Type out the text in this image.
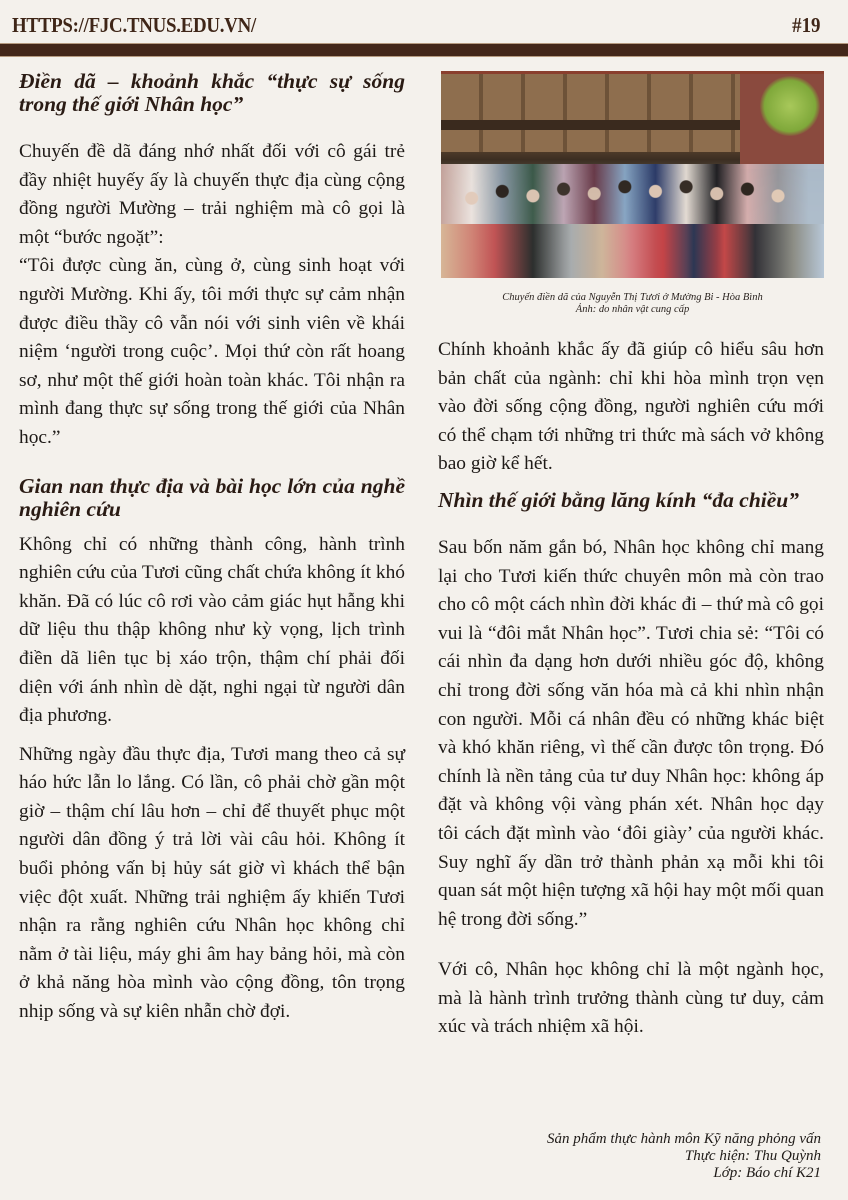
HTTPS://FJC.TNUS.EDU.VN/	#19
Điền dã – khoảnh khắc “thực sự sống trong thế giới Nhân học”

Chuyến đề dã đáng nhớ nhất đối với cô gái trẻ đầy nhiệt huyếy ấy là chuyến thực địa cùng cộng đồng người Mường – trải nghiệm mà cô gọi là một “bước ngoặt”:

“Tôi được cùng ăn, cùng ở, cùng sinh hoạt với người Mường. Khi ấy, tôi mới thực sự cảm nhận được điều thầy cô vẫn nói với sinh viên về khái niệm ‘người trong cuộc’. Mọi thứ còn rất hoang sơ, như một thế giới hoàn toàn khác. Tôi nhận ra mình đang thực sự sống trong thế giới của Nhân học.”

Gian nan thực địa và bài học lớn của nghề nghiên cứu

Không chỉ có những thành công, hành trình nghiên cứu của Tươi cũng chất chứa không ít khó khăn. Đã có lúc cô rơi vào cảm giác hụt hẫng khi dữ liệu thu thập không như kỳ vọng, lịch trình điền dã liên tục bị xáo trộn, thậm chí phải đối diện với ánh nhìn dè dặt, nghi ngại từ người dân địa phương.

Những ngày đầu thực địa, Tươi mang theo cả sự háo hức lẫn lo lắng. Có lần, cô phải chờ gần một giờ – thậm chí lâu hơn – chỉ để thuyết phục một người dân đồng ý trả lời vài câu hỏi. Không ít buổi phỏng vấn bị hủy sát giờ vì khách thể bận việc đột xuất. Những trải nghiệm ấy khiến Tươi nhận ra rằng nghiên cứu Nhân học không chỉ nằm ở tài liệu, máy ghi âm hay bảng hỏi, mà còn ở khả năng hòa mình vào cộng đồng, tôn trọng nhịp sống và sự kiên nhẫn chờ đợi.

Chuyến điền dã của Nguyễn Thị Tươi ở Mường Bi - Hòa Bình
Ảnh: do nhân vật cung cấp

Chính khoảnh khắc ấy đã giúp cô hiểu sâu hơn bản chất của ngành: chỉ khi hòa mình trọn vẹn vào đời sống cộng đồng, người nghiên cứu mới có thể chạm tới những tri thức mà sách vở không bao giờ kể hết.

Nhìn thế giới bằng lăng kính “đa chiều”

Sau bốn năm gắn bó, Nhân học không chỉ mang lại cho Tươi kiến thức chuyên môn mà còn trao cho cô một cách nhìn đời khác đi – thứ mà cô gọi vui là “đôi mắt Nhân học”. Tươi chia sẻ: “Tôi có cái nhìn đa dạng hơn dưới nhiều góc độ, không chỉ trong đời sống văn hóa mà cả khi nhìn nhận con người. Mỗi cá nhân đều có những khác biệt và khó khăn riêng, vì thế cần được tôn trọng. Đó chính là nền tảng của tư duy Nhân học: không áp đặt và không vội vàng phán xét. Nhân học dạy tôi cách đặt mình vào ‘đôi giày’ của người khác. Suy nghĩ ấy dần trở thành phản xạ mỗi khi tôi quan sát một hiện tượng xã hội hay một mối quan hệ trong đời sống.”

Với cô, Nhân học không chỉ là một ngành học, mà là hành trình trưởng thành cùng tư duy, cảm xúc và trách nhiệm xã hội.

Sản phẩm thực hành môn Kỹ năng phỏng vấn
Thực hiện: Thu Quỳnh
Lớp: Báo chí K21
